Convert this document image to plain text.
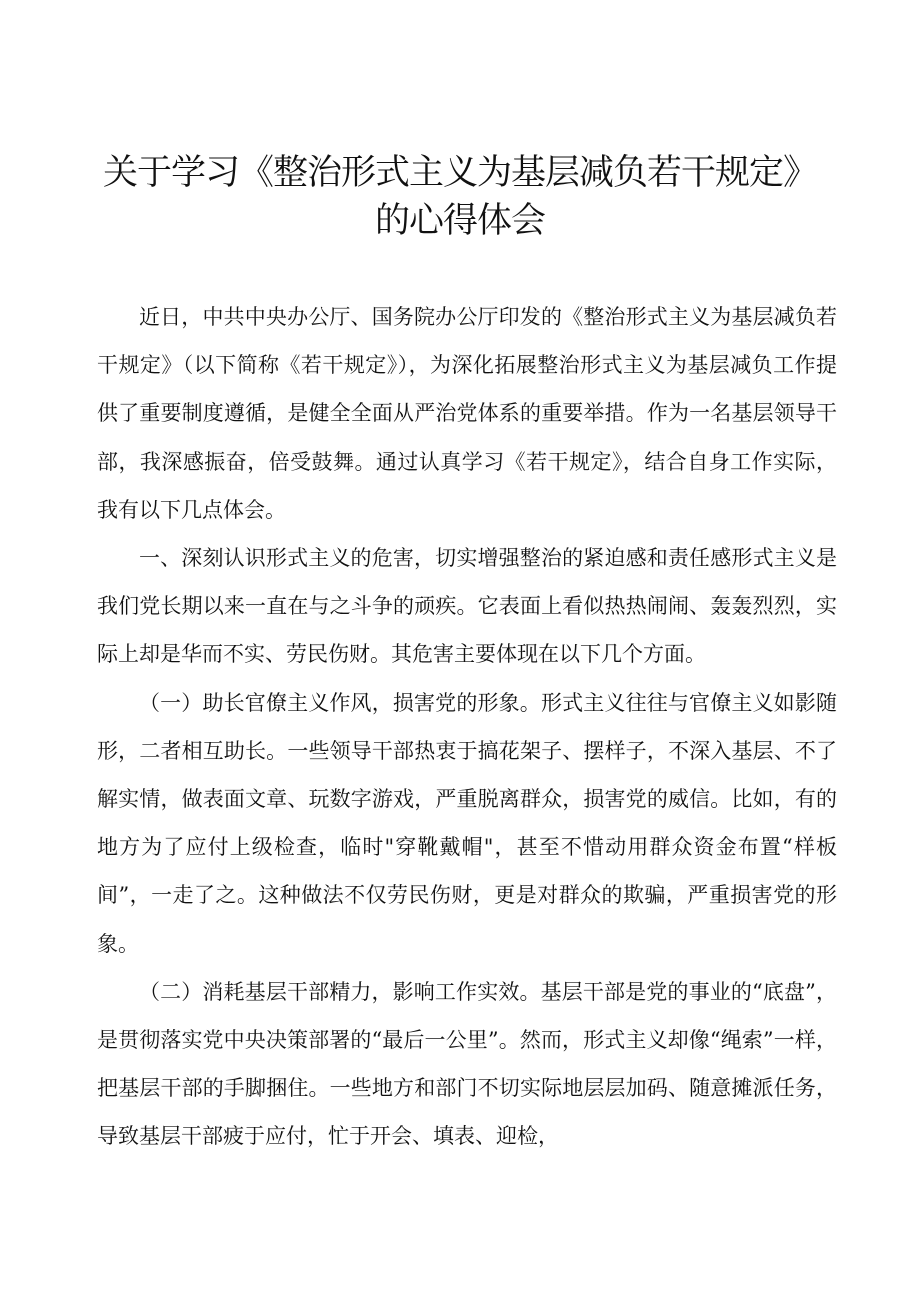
关于学习《整治形式主义为基层减负若干规定》
的心得体会

近日，中共中央办公厅、国务院办公厅印发的《整治形式主义为基层减负若干规定》（以下简称《若干规定》），为深化拓展整治形式主义为基层减负工作提供了重要制度遵循，是健全全面从严治党体系的重要举措。作为一名基层领导干部，我深感振奋，倍受鼓舞。通过认真学习《若干规定》，结合自身工作实际，我有以下几点体会。

一、深刻认识形式主义的危害，切实增强整治的紧迫感和责任感形式主义是我们党长期以来一直在与之斗争的顽疾。它表面上看似热热闹闹、轰轰烈烈，实际上却是华而不实、劳民伤财。其危害主要体现在以下几个方面。

（一）助长官僚主义作风，损害党的形象。形式主义往往与官僚主义如影随形，二者相互助长。一些领导干部热衷于搞花架子、摆样子，不深入基层、不了解实情，做表面文章、玩数字游戏，严重脱离群众，损害党的威信。比如，有的地方为了应付上级检查，临时"穿靴戴帽"，甚至不惜动用群众资金布置“样板间”，一走了之。这种做法不仅劳民伤财，更是对群众的欺骗，严重损害党的形象。

（二）消耗基层干部精力，影响工作实效。基层干部是党的事业的“底盘”，是贯彻落实党中央决策部署的“最后一公里”。然而，形式主义却像“绳索”一样，把基层干部的手脚捆住。一些地方和部门不切实际地层层加码、随意摊派任务，导致基层干部疲于应付，忙于开会、填表、迎检，
